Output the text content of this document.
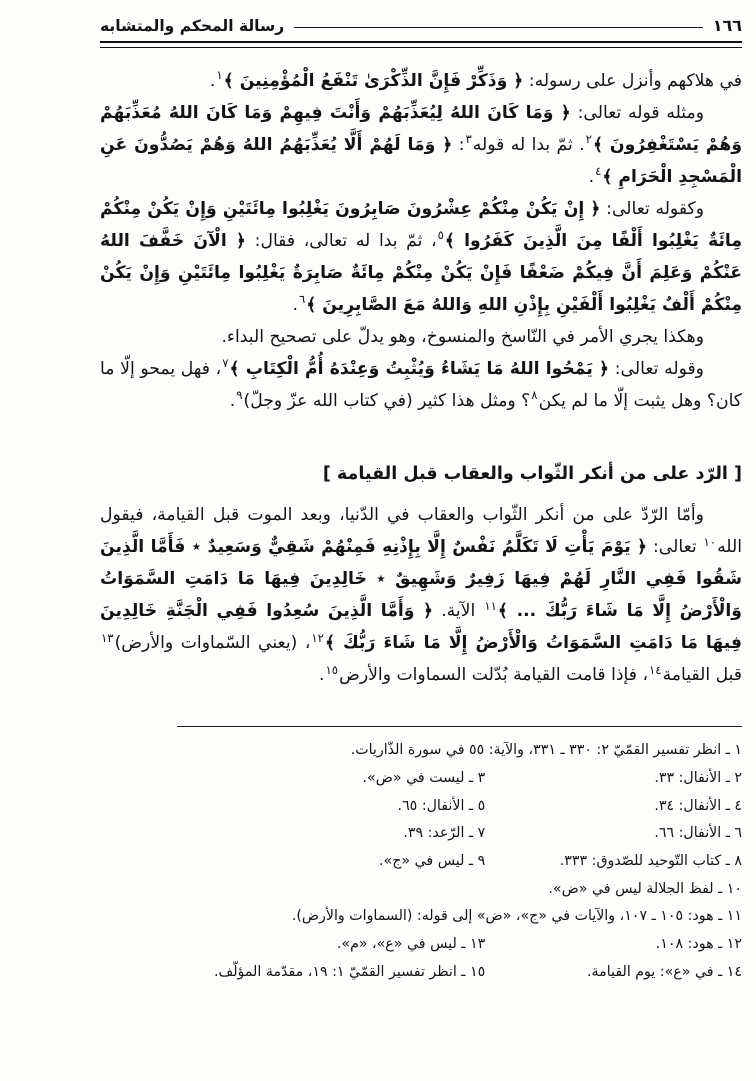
١٦٦
رسالة المحكم والمتشابه

في هلاكهم وأنزل على رسوله: ﴿ وَذَكِّرْ فَإِنَّ الذِّكْرَىٰ تَنْفَعُ الْمُؤْمِنِينَ ﴾$^١$.

ومثله قوله تعالى: ﴿ وَمَا كَانَ اللهُ لِيُعَذِّبَهُمْ وَأَنْتَ فِيهِمْ وَمَا كَانَ اللهُ مُعَذِّبَهُمْ وَهُمْ يَسْتَغْفِرُونَ ﴾$^٢$. ثمّ بدا له قوله$^٣$: ﴿ وَمَا لَهُمْ أَلَّا يُعَذِّبَهُمُ اللهُ وَهُمْ يَصُدُّونَ عَنِ الْمَسْجِدِ الْحَرَامِ ﴾$^٤$.

وكقوله تعالى: ﴿ إِنْ يَكُنْ مِنْكُمْ عِشْرُونَ صَابِرُونَ يَغْلِبُوا مِائَتَيْنِ وَإِنْ يَكُنْ مِنْكُمْ مِائَةٌ يَغْلِبُوا أَلْفًا مِنَ الَّذِينَ كَفَرُوا ﴾$^٥$، ثمّ بدا له تعالى، فقال: ﴿ الْآنَ خَفَّفَ اللهُ عَنْكُمْ وَعَلِمَ أَنَّ فِيكُمْ ضَعْفًا فَإِنْ يَكُنْ مِنْكُمْ مِائَةٌ صَابِرَةٌ يَغْلِبُوا مِائَتَيْنِ وَإِنْ يَكُنْ مِنْكُمْ أَلْفٌ يَغْلِبُوا أَلْفَيْنِ بِإِذْنِ اللهِ وَاللهُ مَعَ الصَّابِرِينَ ﴾$^٦$.

وهكذا يجري الأمر في النّاسخ والمنسوخ، وهو يدلّ على تصحيح البداء.

وقوله تعالى: ﴿ يَمْحُوا اللهُ مَا يَشَاءُ وَيُثْبِتُ وَعِنْدَهُ أُمُّ الْكِتَابِ ﴾$^٧$، فهل يمحو إلّا ما كان؟ وهل يثبت إلّا ما لم يكن$^٨$؟ ومثل هذا كثير (في كتاب الله عزّ وجلّ)$^٩$.

[ الرّد على من أنكر الثّواب والعقاب قبل القيامة ]

وأمّا الرّدّ على من أنكر الثّواب والعقاب في الدّنيا، وبعد الموت قبل القيامة، فيقول الله$^{١٠}$ تعالى: ﴿ يَوْمَ يَأْتِ لَا تَكَلَّمُ نَفْسٌ إِلَّا بِإِذْنِهِ فَمِنْهُمْ شَقِيٌّ وَسَعِيدٌ ٭ فَأَمَّا الَّذِينَ شَقُوا فَفِي النَّارِ لَهُمْ فِيهَا زَفِيرٌ وَشَهِيقٌ ٭ خَالِدِينَ فِيهَا مَا دَامَتِ السَّمَوَاتُ وَالْأَرْضُ إِلَّا مَا شَاءَ رَبُّكَ ... ﴾$^{١١}$ الآية. ﴿ وَأَمَّا الَّذِينَ سُعِدُوا فَفِي الْجَنَّةِ خَالِدِينَ فِيهَا مَا دَامَتِ السَّمَوَاتُ وَالْأَرْضُ إِلَّا مَا شَاءَ رَبُّكَ ﴾$^{١٢}$، (يعني السّماوات والأرض)$^{١٣}$ قبل القيامة$^{١٤}$، فإذا قامت القيامة بُدّلت السماوات والأرض$^{١٥}$.

١ ـ انظر تفسير القمّيّ ٢: ٣٣٠ ـ ٣٣١، والآية: ٥٥ في سورة الذّاريات.
٢ ـ الأنفال: ٣٣.
٣ ـ ليست في «ض».
٤ ـ الأنفال: ٣٤.
٥ ـ الأنفال: ٦٥.
٦ ـ الأنفال: ٦٦.
٧ ـ الرّعد: ٣٩.
٨ ـ كتاب التّوحيد للصّدوق: ٣٣٣.
٩ ـ ليس في «ج».
١٠ ـ لفظ الجلالة ليس في «ض».
١١ ـ هود: ١٠٥ ـ ١٠٧، والآيات في «ج»، «ض» إلى قوله: (السماوات والأرض).
١٢ ـ هود: ١٠٨.
١٣ ـ ليس في «ع»، «م».
١٤ ـ في «ع»: يوم القيامة.
١٥ ـ انظر تفسير القمّيّ ١: ١٩، مقدّمة المؤلّف.
